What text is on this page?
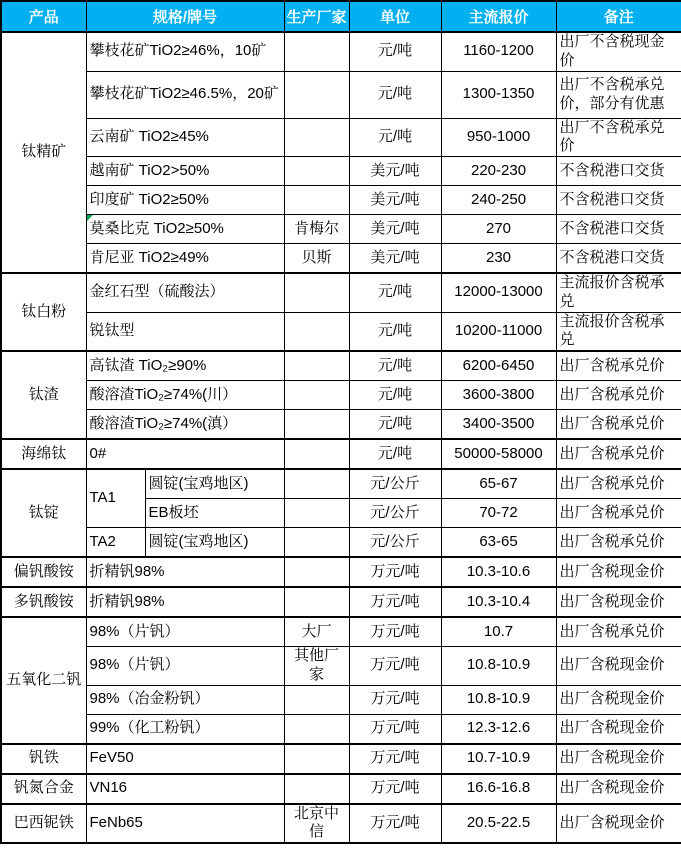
产品	规格/牌号		生产厂家	单位	主流报价	备注
钛精矿	攀枝花矿TiO2≥46%，10矿			元/吨	1160-1200	出厂不含税现金价
	攀枝花矿TiO2≥46.5%，20矿			元/吨	1300-1350	出厂不含税承兑价，部分有优惠
	云南矿 TiO2≥45%			元/吨	950-1000	出厂不含税承兑价
	越南矿 TiO2>50%			美元/吨	220-230	不含税港口交货
	印度矿 TiO2≥50%			美元/吨	240-250	不含税港口交货
	莫桑比克 TiO2≥50%		肯梅尔	美元/吨	270	不含税港口交货
	肯尼亚 TiO2≥49%		贝斯	美元/吨	230	不含税港口交货
钛白粉	金红石型（硫酸法）			元/吨	12000-13000	主流报价含税承兑
	锐钛型			元/吨	10200-11000	主流报价含税承兑
钛渣	高钛渣 TiO₂≥90%			元/吨	6200-6450	出厂含税承兑价
	酸溶渣TiO₂≥74%(川）			元/吨	3600-3800	出厂含税承兑价
	酸溶渣TiO₂≥74%(滇）			元/吨	3400-3500	出厂含税承兑价
海绵钛	0#			元/吨	50000-58000	出厂含税承兑价
钛锭	TA1	圆锭(宝鸡地区)		元/公斤	65-67	出厂含税承兑价
		EB板坯		元/公斤	70-72	出厂含税承兑价
	TA2	圆锭(宝鸡地区)		元/公斤	63-65	出厂含税承兑价
偏钒酸铵	折精钒98%			万元/吨	10.3-10.6	出厂含税现金价
多钒酸铵	折精钒98%			万元/吨	10.3-10.4	出厂含税现金价
五氧化二钒	98%（片钒）		大厂	万元/吨	10.7	出厂含税承兑价
	98%（片钒）		其他厂家	万元/吨	10.8-10.9	出厂含税现金价
	98%（冶金粉钒）			万元/吨	10.8-10.9	出厂含税现金价
	99%（化工粉钒）			万元/吨	12.3-12.6	出厂含税现金价
钒铁	FeV50			万元/吨	10.7-10.9	出厂含税现金价
钒氮合金	VN16			万元/吨	16.6-16.8	出厂含税现金价
巴西铌铁	FeNb65		北京中信	万元/吨	20.5-22.5	出厂含税现金价
